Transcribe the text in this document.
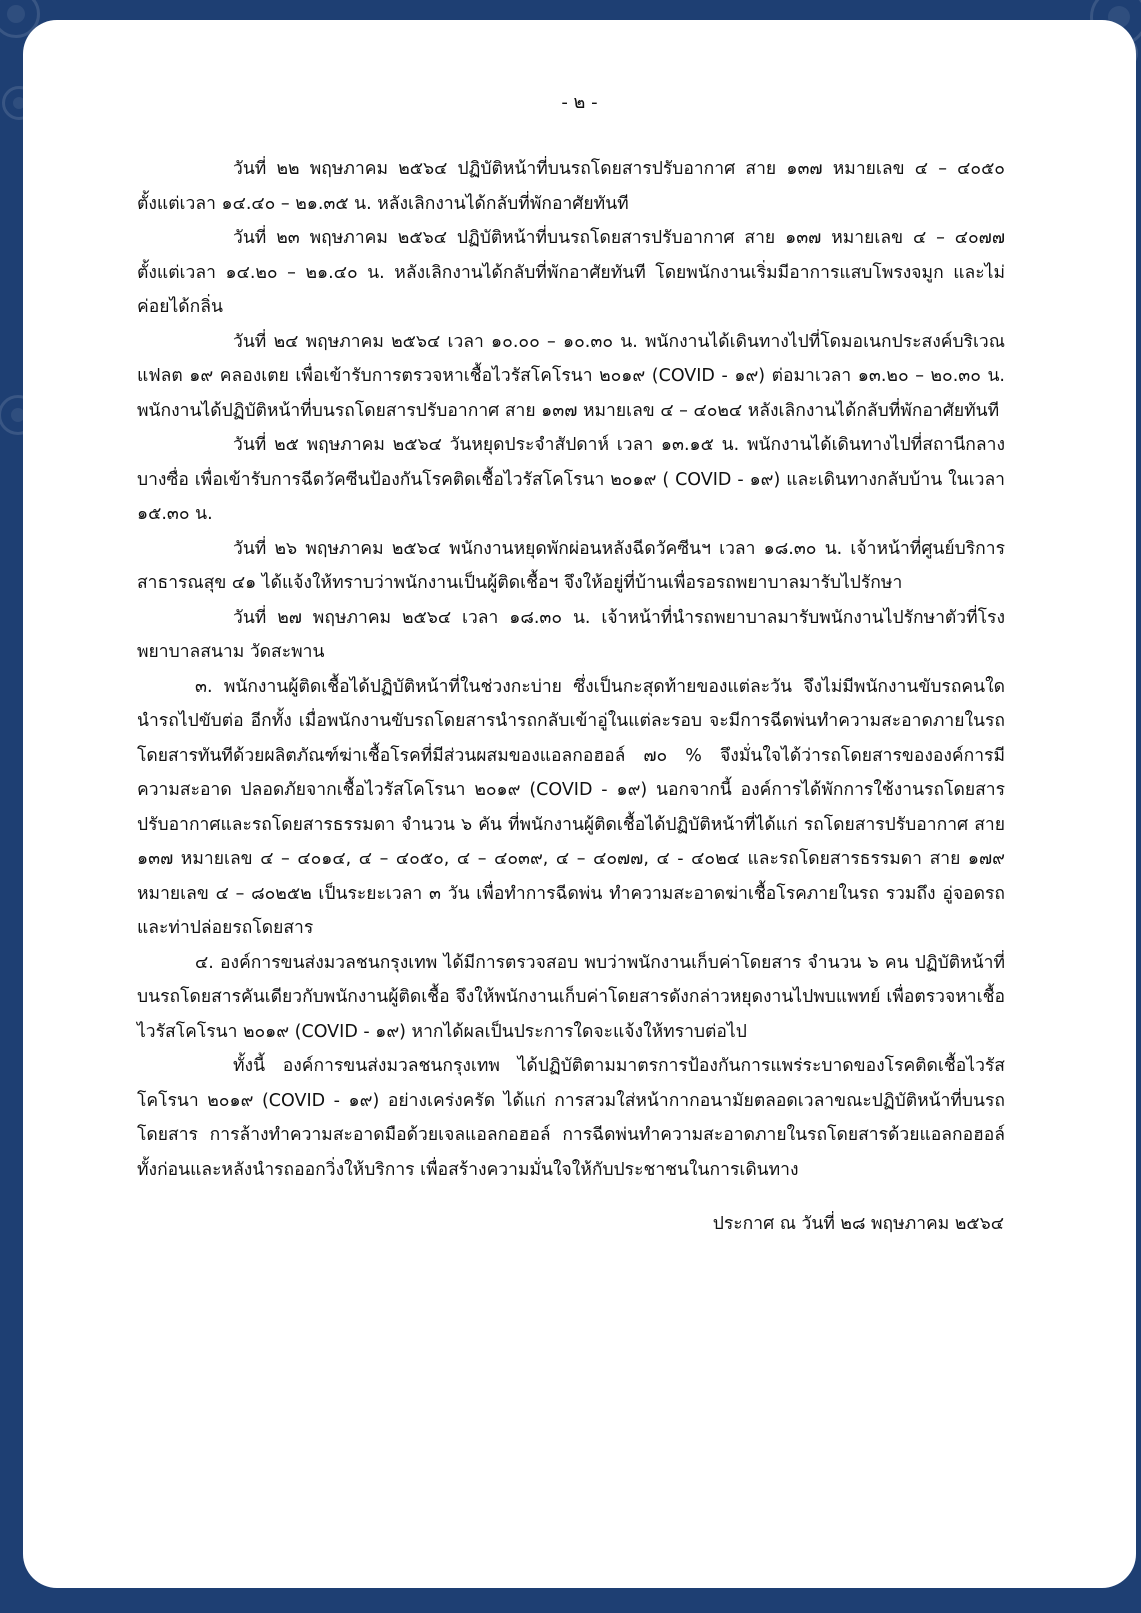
- ๒ -

วันที่ ๒๒ พฤษภาคม ๒๕๖๔ ปฏิบัติหน้าที่บนรถโดยสารปรับอากาศ สาย ๑๓๗ หมายเลข ๔ – ๔๐๕๐ ตั้งแต่เวลา ๑๔.๔๐ – ๒๑.๓๕ น. หลังเลิกงานได้กลับที่พักอาศัยทันที

วันที่ ๒๓ พฤษภาคม ๒๕๖๔ ปฏิบัติหน้าที่บนรถโดยสารปรับอากาศ สาย ๑๓๗ หมายเลข ๔ – ๔๐๗๗ ตั้งแต่เวลา ๑๔.๒๐ – ๒๑.๔๐ น. หลังเลิกงานได้กลับที่พักอาศัยทันที โดยพนักงานเริ่มมีอาการแสบโพรงจมูก และไม่ค่อยได้กลิ่น

วันที่ ๒๔ พฤษภาคม ๒๕๖๔ เวลา ๑๐.๐๐ – ๑๐.๓๐ น. พนักงานได้เดินทางไปที่โดมอเนกประสงค์บริเวณแฟลต ๑๙ คลองเตย เพื่อเข้ารับการตรวจหาเชื้อไวรัสโคโรนา ๒๐๑๙ (COVID - ๑๙) ต่อมาเวลา ๑๓.๒๐ – ๒๐.๓๐ น. พนักงานได้ปฏิบัติหน้าที่บนรถโดยสารปรับอากาศ สาย ๑๓๗ หมายเลข ๔ – ๔๐๒๔ หลังเลิกงานได้กลับที่พักอาศัยทันที

วันที่ ๒๕ พฤษภาคม ๒๕๖๔ วันหยุดประจำสัปดาห์ เวลา ๑๓.๑๕ น. พนักงานได้เดินทางไปที่สถานีกลางบางซื่อ เพื่อเข้ารับการฉีดวัคซีนป้องกันโรคติดเชื้อไวรัสโคโรนา ๒๐๑๙ ( COVID - ๑๙) และเดินทางกลับบ้าน ในเวลา ๑๕.๓๐ น.

วันที่ ๒๖ พฤษภาคม ๒๕๖๔ พนักงานหยุดพักผ่อนหลังฉีดวัคซีนฯ เวลา ๑๘.๓๐ น. เจ้าหน้าที่ศูนย์บริการสาธารณสุข ๔๑ ได้แจ้งให้ทราบว่าพนักงานเป็นผู้ติดเชื้อฯ จึงให้อยู่ที่บ้านเพื่อรอรถพยาบาลมารับไปรักษา

วันที่ ๒๗ พฤษภาคม ๒๕๖๔ เวลา ๑๘.๓๐ น. เจ้าหน้าที่นำรถพยาบาลมารับพนักงานไปรักษาตัวที่โรงพยาบาลสนาม วัดสะพาน

๓. พนักงานผู้ติดเชื้อได้ปฏิบัติหน้าที่ในช่วงกะบ่าย ซึ่งเป็นกะสุดท้ายของแต่ละวัน จึงไม่มีพนักงานขับรถคนใดนำรถไปขับต่อ อีกทั้ง เมื่อพนักงานขับรถโดยสารนำรถกลับเข้าอู่ในแต่ละรอบ จะมีการฉีดพ่นทำความสะอาดภายในรถโดยสารทันทีด้วยผลิตภัณฑ์ฆ่าเชื้อโรคที่มีส่วนผสมของแอลกอฮอล์ ๗๐ % จึงมั่นใจได้ว่ารถโดยสารขององค์การมีความสะอาด ปลอดภัยจากเชื้อไวรัสโคโรนา ๒๐๑๙ (COVID - ๑๙) นอกจากนี้ องค์การได้พักการใช้งานรถโดยสารปรับอากาศและรถโดยสารธรรมดา จำนวน ๖ คัน ที่พนักงานผู้ติดเชื้อได้ปฏิบัติหน้าที่ได้แก่ รถโดยสารปรับอากาศ สาย ๑๓๗ หมายเลข ๔ – ๔๐๑๔, ๔ – ๔๐๕๐, ๔ – ๔๐๓๙, ๔ – ๔๐๗๗, ๔ - ๔๐๒๔ และรถโดยสารธรรมดา สาย ๑๗๙ หมายเลข ๔ – ๘๐๒๕๒ เป็นระยะเวลา ๓ วัน เพื่อทำการฉีดพ่น ทำความสะอาดฆ่าเชื้อโรคภายในรถ รวมถึง อู่จอดรถและท่าปล่อยรถโดยสาร

๔. องค์การขนส่งมวลชนกรุงเทพ ได้มีการตรวจสอบ พบว่าพนักงานเก็บค่าโดยสาร จำนวน ๖ คน ปฏิบัติหน้าที่บนรถโดยสารคันเดียวกับพนักงานผู้ติดเชื้อ จึงให้พนักงานเก็บค่าโดยสารดังกล่าวหยุดงานไปพบแพทย์ เพื่อตรวจหาเชื้อไวรัสโคโรนา ๒๐๑๙ (COVID - ๑๙) หากได้ผลเป็นประการใดจะแจ้งให้ทราบต่อไป

ทั้งนี้ องค์การขนส่งมวลชนกรุงเทพ ได้ปฏิบัติตามมาตรการป้องกันการแพร่ระบาดของโรคติดเชื้อไวรัสโคโรนา ๒๐๑๙ (COVID - ๑๙) อย่างเคร่งครัด ได้แก่ การสวมใส่หน้ากากอนามัยตลอดเวลาขณะปฏิบัติหน้าที่บนรถโดยสาร การล้างทำความสะอาดมือด้วยเจลแอลกอฮอล์ การฉีดพ่นทำความสะอาดภายในรถโดยสารด้วยแอลกอฮอล์ ทั้งก่อนและหลังนำรถออกวิ่งให้บริการ เพื่อสร้างความมั่นใจให้กับประชาชนในการเดินทาง

ประกาศ ณ วันที่ ๒๘ พฤษภาคม ๒๕๖๔
